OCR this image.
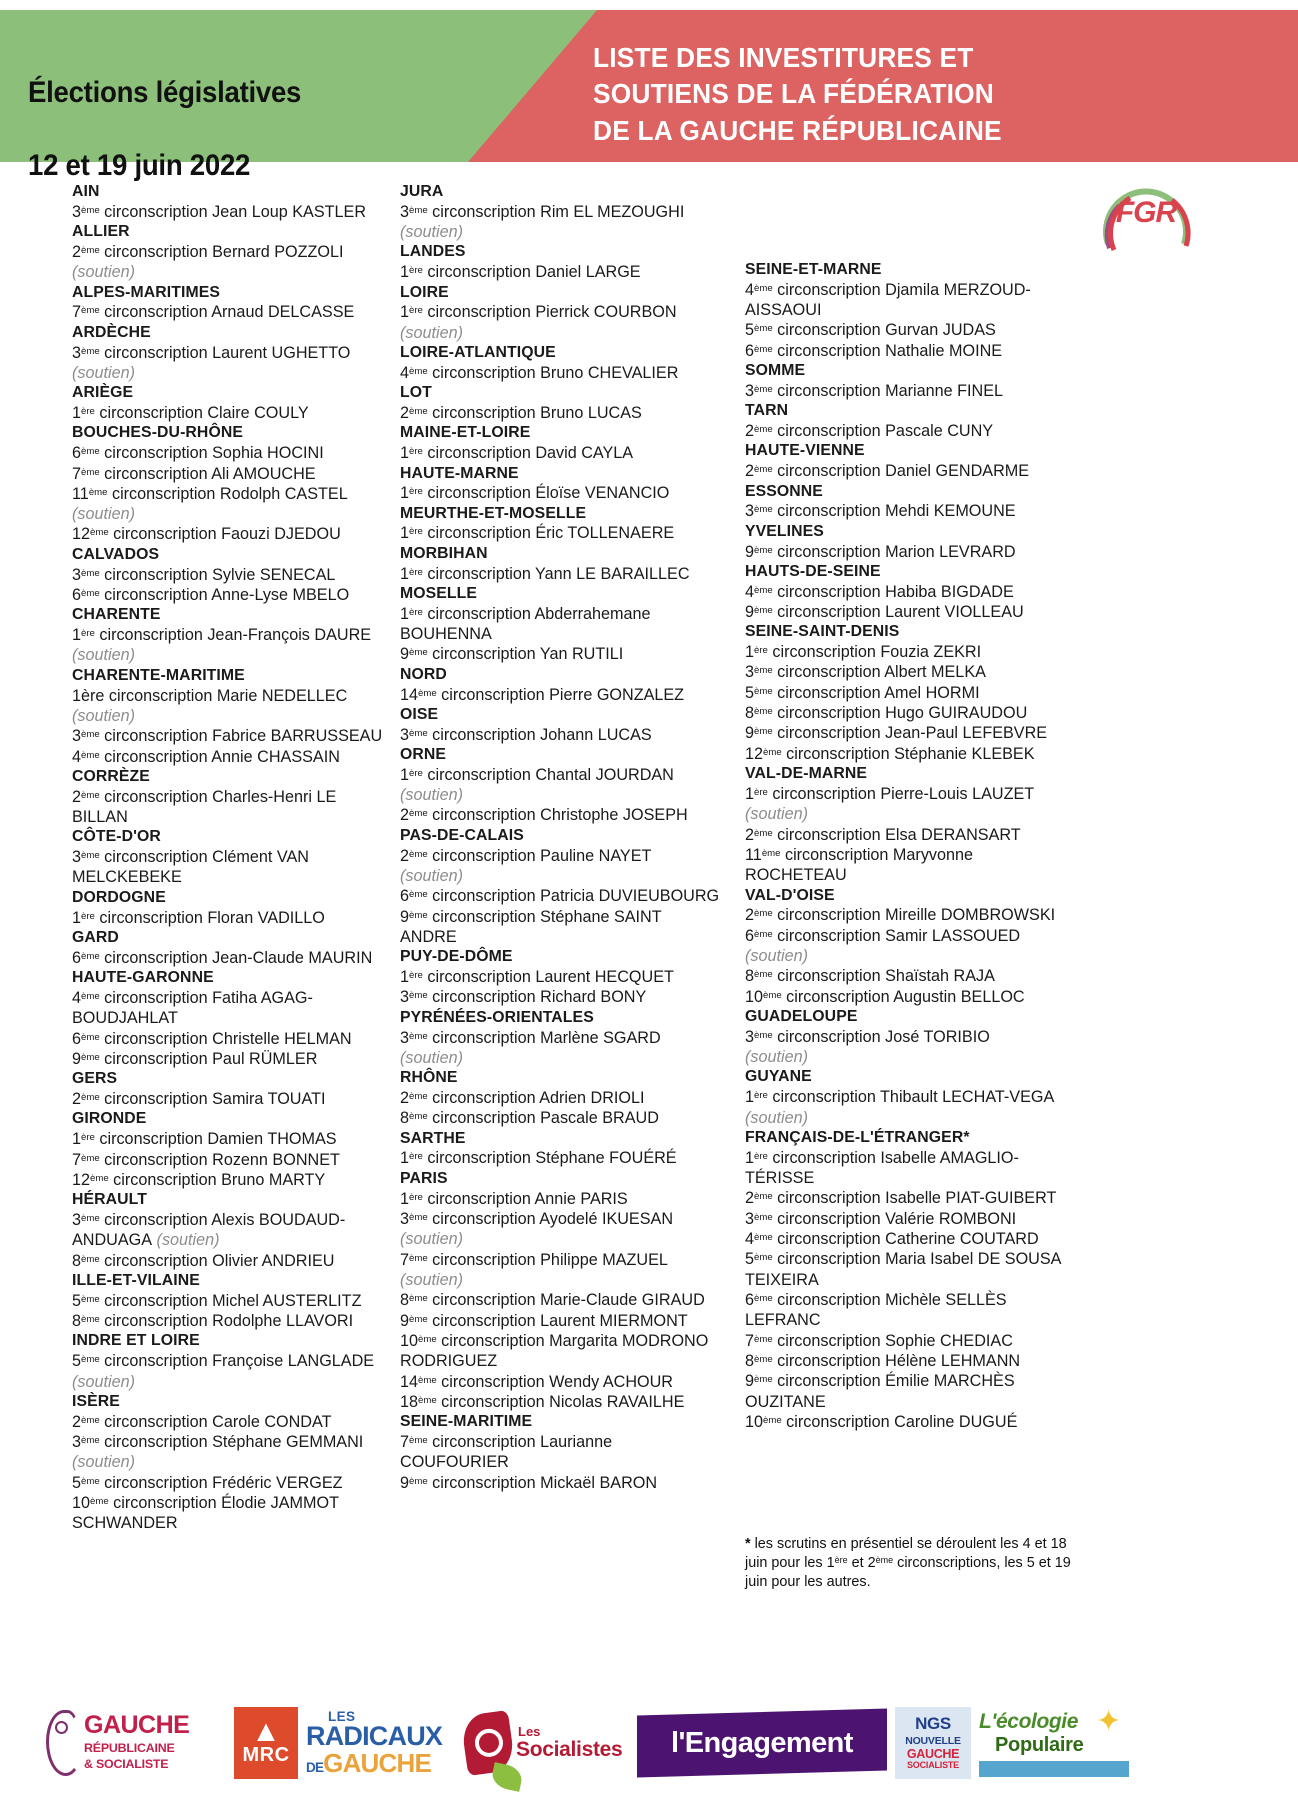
Élections législatives

12 et 19 juin 2022

LISTE DES INVESTITURES ET
SOUTIENS DE LA FÉDÉRATION
DE LA GAUCHE RÉPUBLICAINE
FGR
AIN
3ème circonscription Jean Loup KASTLER
ALLIER
2ème circonscription Bernard POZZOLI
(soutien)
ALPES-MARITIMES
7ème circonscription Arnaud DELCASSE
ARDÈCHE
3ème circonscription Laurent UGHETTO
(soutien)
ARIÈGE
1ère circonscription Claire COULY
BOUCHES-DU-RHÔNE
6ème circonscription Sophia HOCINI
7ème circonscription Ali AMOUCHE
11ème circonscription Rodolph CASTEL
(soutien)
12ème circonscription Faouzi DJEDOU
CALVADOS
3ème circonscription Sylvie SENECAL
6ème circonscription Anne-Lyse MBELO
CHARENTE
1ère circonscription Jean-François DAURE
(soutien)
CHARENTE-MARITIME
1ère circonscription Marie NEDELLEC
(soutien)
3ème circonscription Fabrice BARRUSSEAU
4ème circonscription Annie CHASSAIN
CORRÈZE
2ème circonscription Charles-Henri LE BILLAN
CÔTE-D'OR
3ème circonscription Clément VAN MELCKEBEKE
DORDOGNE
1ère circonscription Floran VADILLO
GARD
6ème circonscription Jean-Claude MAURIN
HAUTE-GARONNE
4ème circonscription Fatiha AGAG-BOUDJAHLAT
6ème circonscription Christelle HELMAN
9ème circonscription Paul RÜMLER
GERS
2ème circonscription Samira TOUATI
GIRONDE
1ère circonscription Damien THOMAS
7ème circonscription Rozenn BONNET
12ème circonscription Bruno MARTY
HÉRAULT
3ème circonscription Alexis BOUDAUD-ANDUAGA (soutien)
8ème circonscription Olivier ANDRIEU
ILLE-ET-VILAINE
5ème circonscription Michel AUSTERLITZ
8ème circonscription Rodolphe LLAVORI
INDRE ET LOIRE
5ème circonscription Françoise LANGLADE
(soutien)
ISÈRE
2ème circonscription Carole CONDAT
3ème circonscription Stéphane GEMMANI
(soutien)
5ème circonscription Frédéric VERGEZ
10ème circonscription Élodie JAMMOT SCHWANDER
JURA
3ème circonscription Rim EL MEZOUGHI
(soutien)
LANDES
1ère circonscription Daniel LARGE
LOIRE
1ère circonscription Pierrick COURBON
(soutien)
LOIRE-ATLANTIQUE
4ème circonscription Bruno CHEVALIER
LOT
2ème circonscription Bruno LUCAS
MAINE-ET-LOIRE
1ère circonscription David CAYLA
HAUTE-MARNE
1ère circonscription Éloïse VENANCIO
MEURTHE-ET-MOSELLE
1ère circonscription Éric TOLLENAERE
MORBIHAN
1ère circonscription Yann LE BARAILLEC
MOSELLE
1ère circonscription Abderrahemane BOUHENNA
9ème circonscription Yan RUTILI
NORD
14ème circonscription Pierre GONZALEZ
OISE
3ème circonscription Johann LUCAS
ORNE
1ère circonscription Chantal JOURDAN
(soutien)
2ème circonscription Christophe JOSEPH
PAS-DE-CALAIS
2ème circonscription Pauline NAYET
(soutien)
6ème circonscription Patricia DUVIEUBOURG
9ème circonscription Stéphane SAINT ANDRE
PUY-DE-DÔME
1ère circonscription Laurent HECQUET
3ème circonscription Richard BONY
PYRÉNÉES-ORIENTALES
3ème circonscription Marlène SGARD
(soutien)
RHÔNE
2ème circonscription Adrien DRIOLI
8ème circonscription Pascale BRAUD
SARTHE
1ère circonscription Stéphane FOUÉRÉ
PARIS
1ère circonscription Annie PARIS
3ème circonscription Ayodelé IKUESAN
(soutien)
7ème circonscription Philippe MAZUEL
(soutien)
8ème circonscription Marie-Claude GIRAUD
9ème circonscription Laurent MIERMONT
10ème circonscription Margarita MODRONO RODRIGUEZ
14ème circonscription Wendy ACHOUR
18ème circonscription Nicolas RAVAILHE
SEINE-MARITIME
7ème circonscription Laurianne COUFOURIER
9ème circonscription Mickaël BARON
SEINE-ET-MARNE
4ème circonscription Djamila MERZOUD-AISSAOUI
5ème circonscription Gurvan JUDAS
6ème circonscription Nathalie MOINE
SOMME
3ème circonscription Marianne FINEL
TARN
2ème circonscription Pascale CUNY
HAUTE-VIENNE
2ème circonscription Daniel GENDARME
ESSONNE
3ème circonscription Mehdi KEMOUNE
YVELINES
9ème circonscription Marion LEVRARD
HAUTS-DE-SEINE
4ème circonscription Habiba BIGDADE
9ème circonscription Laurent VIOLLEAU
SEINE-SAINT-DENIS
1ère circonscription Fouzia ZEKRI
3ème circonscription Albert MELKA
5ème circonscription Amel HORMI
8ème circonscription Hugo GUIRAUDOU
9ème circonscription Jean-Paul LEFEBVRE
12ème circonscription Stéphanie KLEBEK
VAL-DE-MARNE
1ère circonscription Pierre-Louis LAUZET
(soutien)
2ème circonscription Elsa DERANSART
11ème circonscription Maryvonne ROCHETEAU
VAL-D'OISE
2ème circonscription Mireille DOMBROWSKI
6ème circonscription Samir LASSOUED
(soutien)
8ème circonscription Shaïstah RAJA
10ème circonscription Augustin BELLOC
GUADELOUPE
3ème circonscription José TORIBIO
(soutien)
GUYANE
1ère circonscription Thibault LECHAT-VEGA (soutien)
FRANÇAIS-DE-L'ÉTRANGER*
1ère circonscription Isabelle AMAGLIO-TÉRISSE
2ème circonscription Isabelle PIAT-GUIBERT
3ème circonscription Valérie ROMBONI
4ème circonscription Catherine COUTARD
5ème circonscription Maria Isabel DE SOUSA TEIXEIRA
6ème circonscription Michèle SELLÈS LEFRANC
7ème circonscription Sophie CHEDIAC
8ème circonscription Hélène LEHMANN
9ème circonscription Émilie MARCHÈS OUZITANE
10ème circonscription Caroline DUGUÉ
* les scrutins en présentiel se déroulent les 4 et 18 juin pour les 1ère et 2ème circonscriptions, les 5 et 19 juin pour les autres.
GAUCHE
RÉPUBLICAINE
& SOCIALISTE
▲
MRC
LES
RADICAUX
DEGAUCHE
Les
Socialistes l'Engagement
NGS
NOUVELLE
GAUCHE
SOCIALISTE
L'écologie
Populaire
✦
